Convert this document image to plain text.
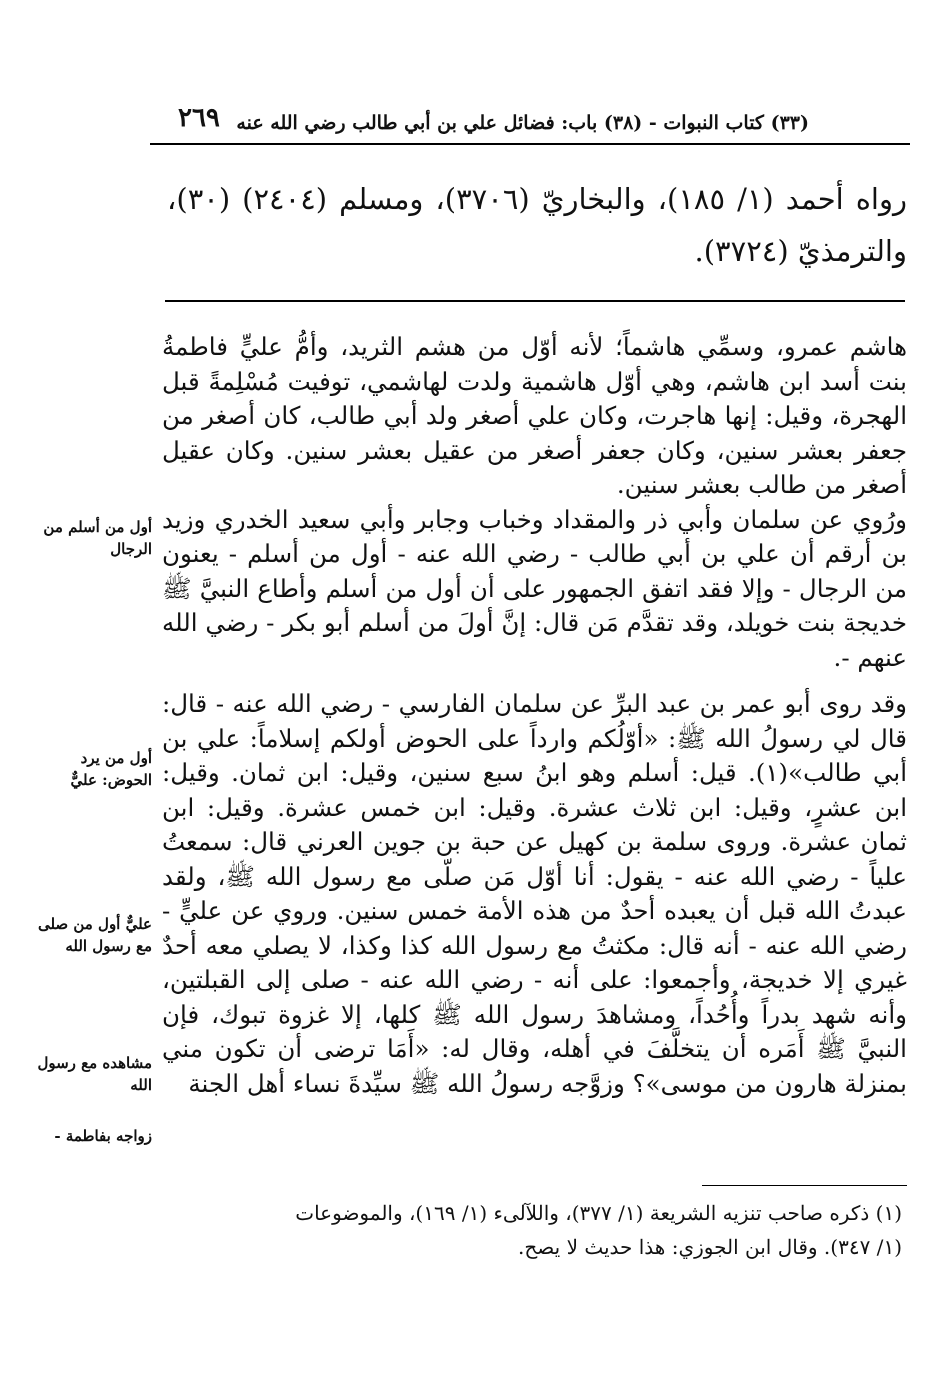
٢٦٩ (٣٣) كتاب النبوات - (٣٨) باب: فضائل علي بن أبي طالب رضي الله عنه
رواه أحمد (١/ ١٨٥)، والبخاريّ (٣٧٠٦)، ومسلم (٢٤٠٤) (٣٠)، والترمذيّ (٣٧٢٤).

هاشم عمرو، وسمِّي هاشماً؛ لأنه أوّل من هشم الثريد، وأمُّ عليٍّ فاطمةُ بنت أسد ابن هاشم، وهي أوّل هاشمية ولدت لهاشمي، توفيت مُسْلِمةً قبل الهجرة، وقيل: إنها هاجرت، وكان علي أصغر ولد أبي طالب، كان أصغر من جعفر بعشر سنين، وكان جعفر أصغر من عقيل بعشر سنين. وكان عقيل أصغر من طالب بعشر سنين.

ورُوي عن سلمان وأبي ذر والمقداد وخباب وجابر وأبي سعيد الخدري وزيد بن أرقم أن علي بن أبي طالب - رضي الله عنه - أول من أسلم - يعنون من الرجال - وإلا فقد اتفق الجمهور على أن أول من أسلم وأطاع النبيَّ ﷺ خديجة بنت خويلد، وقد تقدَّم مَن قال: إنَّ أولَ من أسلم أبو بكر - رضي الله عنهم -.

وقد روى أبو عمر بن عبد البرِّ عن سلمان الفارسي - رضي الله عنه - قال: قال لي رسولُ الله ﷺ: «أوّلُكم وارداً على الحوض أولكم إسلاماً: علي بن أبي طالب»(١). قيل: أسلم وهو ابنُ سبع سنين، وقيل: ابن ثمان. وقيل: ابن عشرٍ، وقيل: ابن ثلاث عشرة. وقيل: ابن خمس عشرة. وقيل: ابن ثمان عشرة. وروى سلمة بن كهيل عن حبة بن جوين العرني قال: سمعتُ علياً - رضي الله عنه - يقول: أنا أوّل مَن صلّى مع رسول الله ﷺ، ولقد عبدتُ الله قبل أن يعبده أحدٌ من هذه الأمة خمس سنين. وروي عن عليٍّ - رضي الله عنه - أنه قال: مكثتُ مع رسول الله كذا وكذا، لا يصلي معه أحدٌ غيري إلا خديجة، وأجمعوا: على أنه - رضي الله عنه - صلى إلى القبلتين، وأنه شهد بدراً وأُحُداً، ومشاهدَ رسول الله ﷺ كلها، إلا غزوة تبوك، فإن النبيَّ ﷺ أَمَره أن يتخلَّفَ في أهله، وقال له: «أَمَا ترضى أن تكون مني بمنزلة هارون من موسى»؟ وزوَّجه رسولُ الله ﷺ سيِّدةَ نساء أهل الجنة

أول من أسلم من الرجال
أول من يرد الحوض: عليٌّ
عليٌّ أول من صلى مع رسول الله
مشاهده مع رسول الله
زواجه بفاطمة -

(١) ذكره صاحب تنزيه الشريعة (١/ ٣٧٧)، واللآلىء (١/ ١٦٩)، والموضوعات

(١/ ٣٤٧). وقال ابن الجوزي: هذا حديث لا يصح.
